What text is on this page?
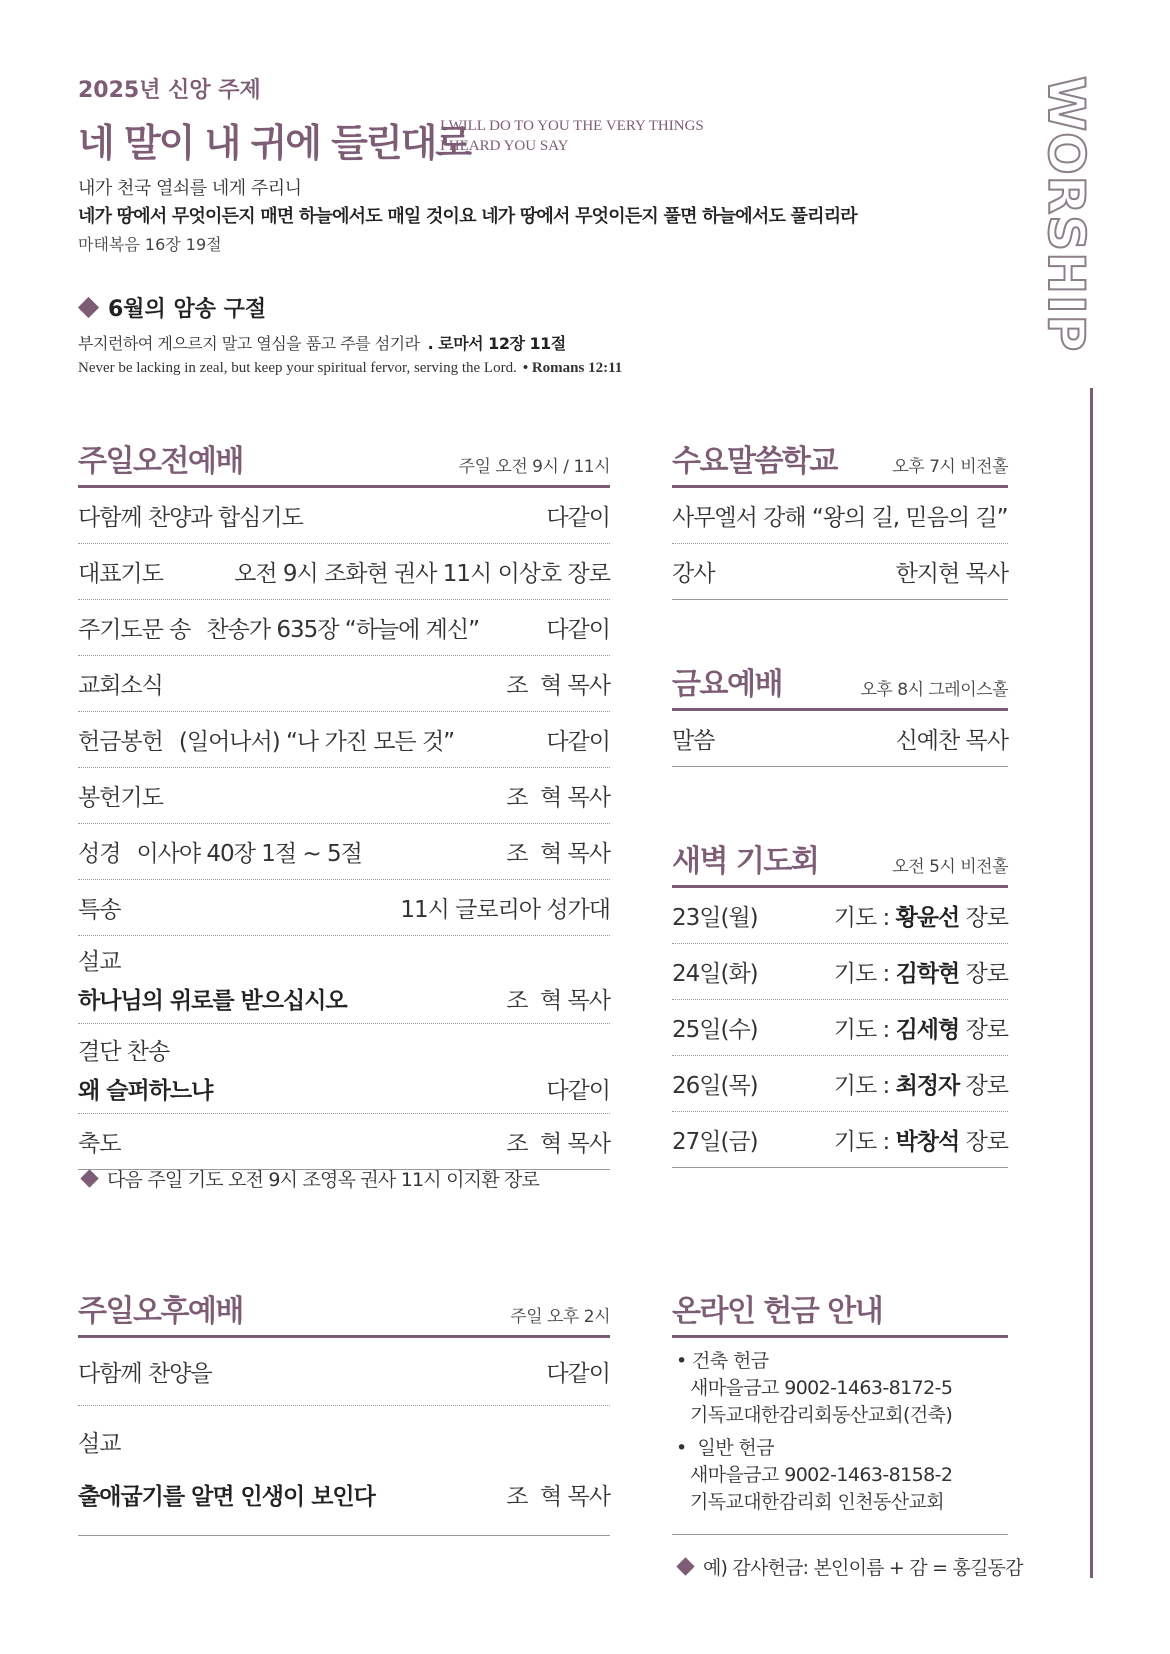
2025년 신앙 주제
네 말이 내 귀에 들린대로
I WILL DO TO YOU THE VERY THINGS
I HEARD YOU SAY
내가 천국 열쇠를 네게 주리니
네가 땅에서 무엇이든지 매면 하늘에서도 매일 것이요 네가 땅에서 무엇이든지 풀면 하늘에서도 풀리리라
마태복음 16장 19절
6월의 암송 구절
부지런하여 게으르지 말고 열심을 품고 주를 섬기라 . 로마서 12장 11절
Never be lacking in zeal, but keep your spiritual fervor, serving the Lord. • Romans 12:11
WORSHIP
주일오전예배	주일 오전 9시 / 11시
다함께 찬양과 합심기도	다같이
대표기도	오전 9시 조화현 권사 11시 이상호 장로
주기도문 송 찬송가 635장 “하늘에 계신”	다같이
교회소식	조  혁 목사
헌금봉헌 (일어나서) “나 가진 모든 것”	다같이
봉헌기도	조  혁 목사
성경 이사야 40장 1절 ~ 5절	조  혁 목사
특송	11시 글로리아 성가대
설교
하나님의 위로를 받으십시오	조  혁 목사
결단 찬송
왜 슬퍼하느냐	다같이
축도	조  혁 목사
다음 주일 기도 오전 9시 조영옥 권사 11시 이지환 장로
수요말씀학교	오후 7시 비전홀
사무엘서 강해 “왕의 길, 믿음의 길”
강사	한지현 목사
금요예배	오후 8시 그레이스홀
말씀	신예찬 목사
새벽 기도회	오전 5시 비전홀
23일(월)	기도 : 황윤선 장로
24일(화)	기도 : 김학현 장로
25일(수)	기도 : 김세형 장로
26일(목)	기도 : 최정자 장로
27일(금)	기도 : 박창석 장로
주일오후예배	주일 오후 2시
다함께 찬양을	다같이
설교
출애굽기를 알면 인생이 보인다	조  혁 목사
온라인 헌금 안내
• 건축 헌금
새마을금고 9002-1463-8172-5
기독교대한감리회동산교회(건축)
•  일반 헌금
새마을금고 9002-1463-8158-2
기독교대한감리회 인천동산교회
예) 감사헌금: 본인이름 + 감 = 홍길동감
